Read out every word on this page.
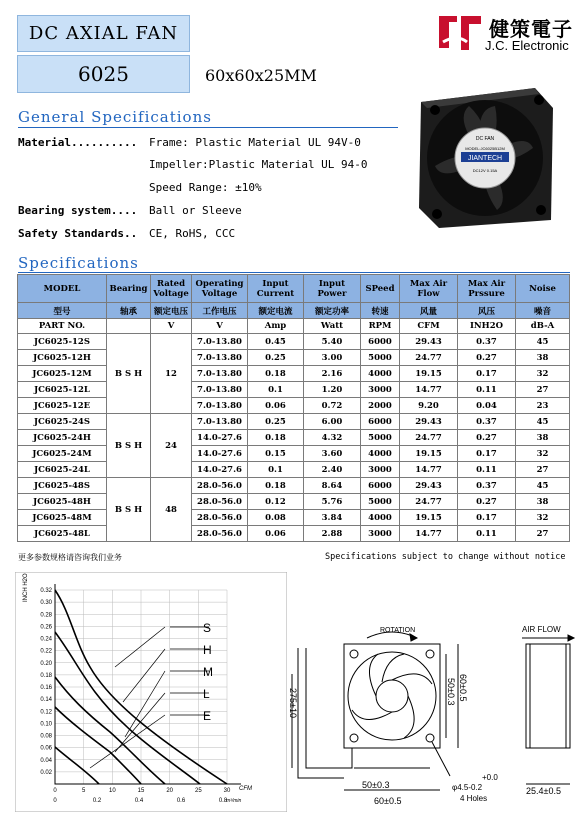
DC AXIAL FAN
6025	60x60x25MM
健策電子
J.C. Electronic
General Specifications
Material.......... Frame: Plastic Material UL 94V-0
Impeller:Plastic Material UL 94-0
Speed Range: ±10%
Bearing system.... Ball or Sleeve
Safety Standards.. CE, RoHS, CCC
DC FAN
MODEL:JC6025B12M
JIANTECH
DC12V 0.15A
Specifications
MODEL	Bearing	Rated Voltage	Operating Voltage	Input Current	Input Power	SPeed	Max Air Flow	Max Air Prssure	Noise
型号	轴承	额定电压	工作电压	额定电流	额定功率	转速	风量	风压	噪音
PART NO.		V	V	Amp	Watt	RPM	CFM	INH2O	dB-A
JC6025-12S	B S H	12	7.0-13.80	0.45	5.40	6000	29.43	0.37	45
JC6025-12H			7.0-13.80	0.25	3.00	5000	24.77	0.27	38
JC6025-12M			7.0-13.80	0.18	2.16	4000	19.15	0.17	32
JC6025-12L			7.0-13.80	0.1	1.20	3000	14.77	0.11	27
JC6025-12E			7.0-13.80	0.06	0.72	2000	9.20	0.04	23
JC6025-24S	B S H	24	7.0-13.80	0.25	6.00	6000	29.43	0.37	45
JC6025-24H			14.0-27.6	0.18	4.32	5000	24.77	0.27	38
JC6025-24M			14.0-27.6	0.15	3.60	4000	19.15	0.17	32
JC6025-24L			14.0-27.6	0.1	2.40	3000	14.77	0.11	27
JC6025-48S	B S H	48	28.0-56.0	0.18	8.64	6000	29.43	0.37	45
JC6025-48H			28.0-56.0	0.12	5.76	5000	24.77	0.27	38
JC6025-48M			28.0-56.0	0.08	3.84	4000	19.15	0.17	32
JC6025-48L			28.0-56.0	0.06	2.88	3000	14.77	0.11	27
更多参数规格请咨询我们业务	Specifications subject to change without notice
0.32
0.30
0.28
0.26
0.24
0.22
0.20
0.18
0.16
0.14
0.12
0.10
0.08
0.06
0.04
0.02
0	5	10	15	20	25	30
0	0.2	0.4	0.6	0.8
S
H
M
L
E
INCH H2O
CFM
m³/min
ROTATION	AIR FLOW
275±10	50±0.3 60±0.5
50±0.3
60±0.5
+0.0
φ4.5-0.2
4 Holes
25.4±0.5
